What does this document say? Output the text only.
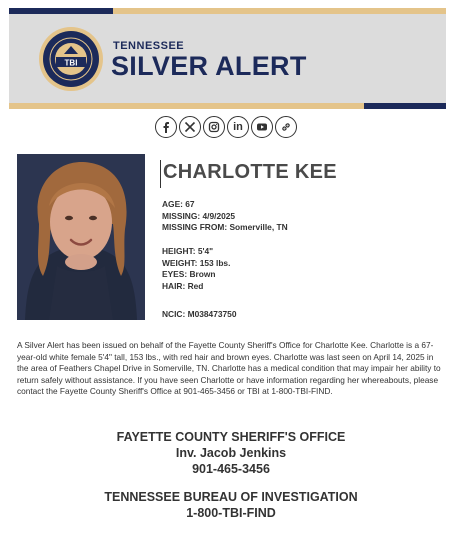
TBI
TENNESSEE
SILVER ALERT
in
CHARLOTTE KEE
AGE: 67
MISSING: 4/9/2025
MISSING FROM: Somerville, TN
HEIGHT: 5'4"
WEIGHT: 153 lbs.
EYES: Brown
HAIR: Red
NCIC: M038473750
A Silver Alert has been issued on behalf of the Fayette County Sheriff's Office for Charlotte Kee. Charlotte is a 67-year-old white female 5'4" tall, 153 lbs., with red hair and brown eyes. Charlotte was last seen on April 14, 2025 in the area of Feathers Chapel Drive in Somerville, TN. Charlotte has a medical condition that may impair her ability to return safely without assistance. If you have seen Charlotte or have information regarding her whereabouts, please contact the Fayette County Sheriff's Office at 901-465-3456 or TBI at 1-800-TBI-FIND.
FAYETTE COUNTY SHERIFF'S OFFICE
Inv. Jacob Jenkins
901-465-3456
TENNESSEE BUREAU OF INVESTIGATION
1-800-TBI-FIND
